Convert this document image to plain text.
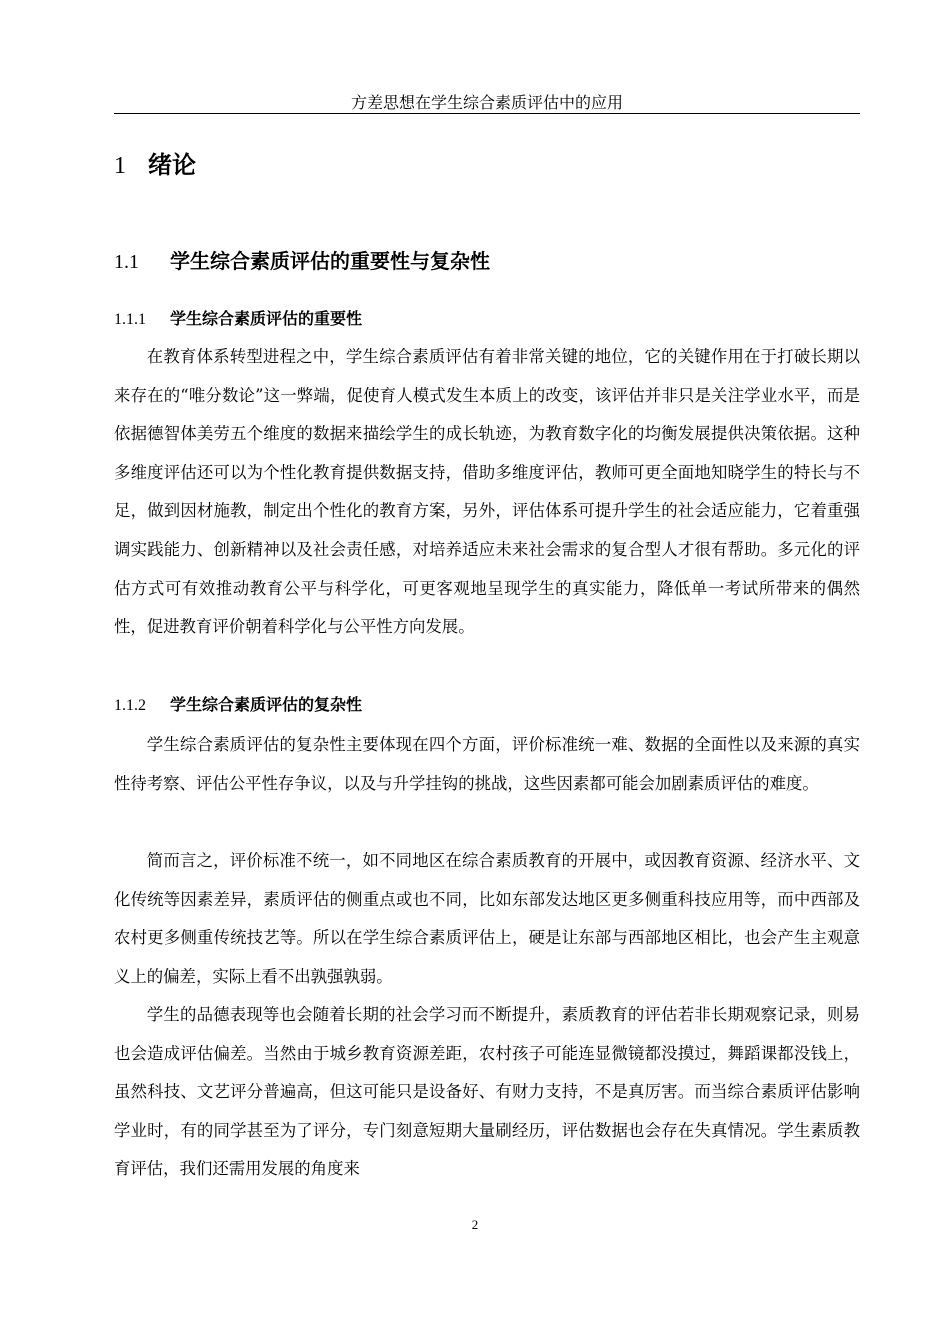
方差思想在学生综合素质评估中的应用
1 绪论
1.1 学生综合素质评估的重要性与复杂性
1.1.1 学生综合素质评估的重要性

在教育体系转型进程之中，学生综合素质评估有着非常关键的地位，它的关键作用在于打破长期以来存在的“唯分数论”这一弊端，促使育人模式发生本质上的改变，该评估并非只是关注学业水平，而是依据德智体美劳五个维度的数据来描绘学生的成长轨迹，为教育数字化的均衡发展提供决策依据。这种多维度评估还可以为个性化教育提供数据支持，借助多维度评估，教师可更全面地知晓学生的特长与不足，做到因材施教，制定出个性化的教育方案，另外，评估体系可提升学生的社会适应能力，它着重强调实践能力、创新精神以及社会责任感，对培养适应未来社会需求的复合型人才很有帮助。多元化的评估方式可有效推动教育公平与科学化，可更客观地呈现学生的真实能力，降低单一考试所带来的偶然性，促进教育评价朝着科学化与公平性方向发展。

1.1.2 学生综合素质评估的复杂性

学生综合素质评估的复杂性主要体现在四个方面，评价标准统一难、数据的全面性以及来源的真实性待考察、评估公平性存争议，以及与升学挂钩的挑战，这些因素都可能会加剧素质评估的难度。

简而言之，评价标准不统一，如不同地区在综合素质教育的开展中，或因教育资源、经济水平、文化传统等因素差异，素质评估的侧重点或也不同，比如东部发达地区更多侧重科技应用等，而中西部及农村更多侧重传统技艺等。所以在学生综合素质评估上，硬是让东部与西部地区相比，也会产生主观意义上的偏差，实际上看不出孰强孰弱。

学生的品德表现等也会随着长期的社会学习而不断提升，素质教育的评估若非长期观察记录，则易也会造成评估偏差。当然由于城乡教育资源差距，农村孩子可能连显微镜都没摸过，舞蹈课都没钱上，虽然科技、文艺评分普遍高，但这可能只是设备好、有财力支持，不是真厉害。而当综合素质评估影响学业时，有的同学甚至为了评分，专门刻意短期大量刷经历，评估数据也会存在失真情况。学生素质教育评估，我们还需用发展的角度来

2
